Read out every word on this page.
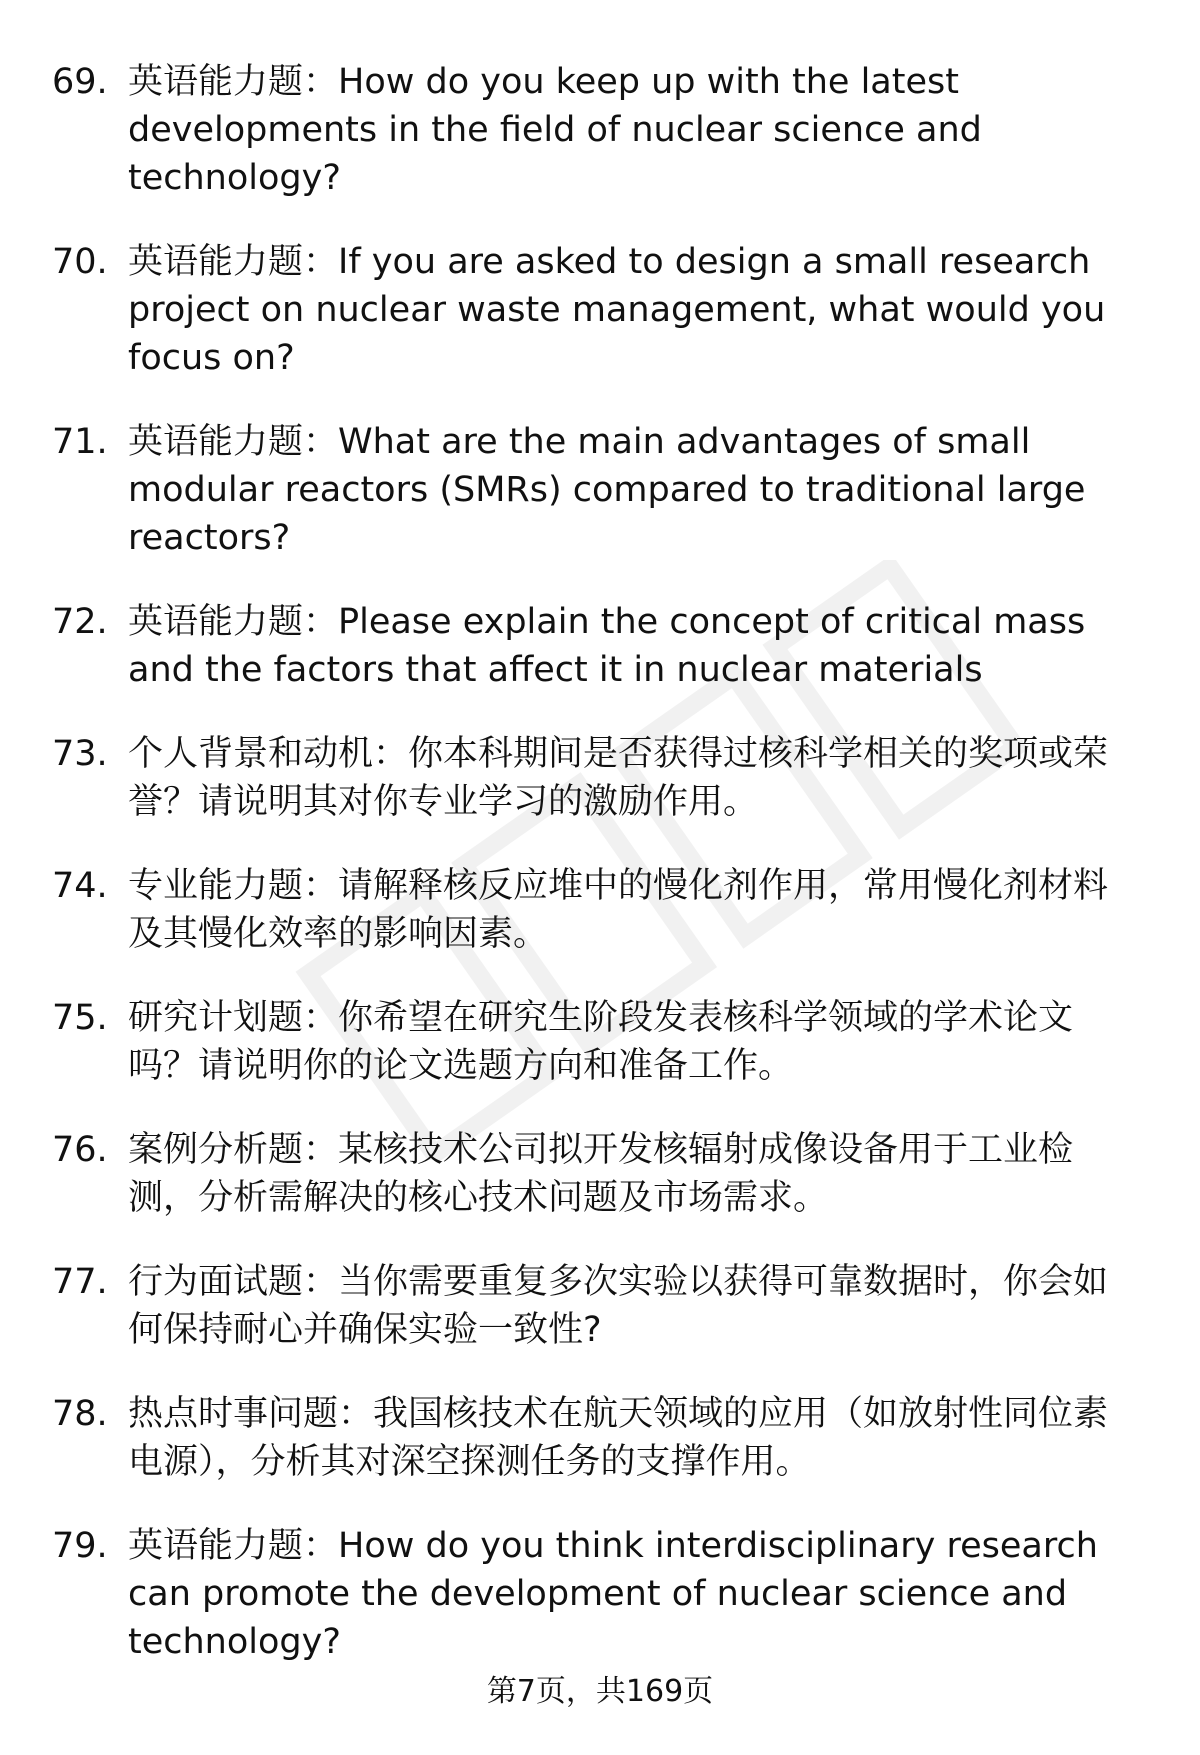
69. 英语能力题：How do you keep up with the latest developments in the field of nuclear science and technology?
70. 英语能力题：If you are asked to design a small research project on nuclear waste management, what would you focus on?
71. 英语能力题：What are the main advantages of small modular reactors (SMRs) compared to traditional large reactors?
72. 英语能力题：Please explain the concept of critical mass and the factors that affect it in nuclear materials
73. 个人背景和动机：你本科期间是否获得过核科学相关的奖项或荣誉？请说明其对你专业学习的激励作用。
74. 专业能力题：请解释核反应堆中的慢化剂作用，常用慢化剂材料及其慢化效率的影响因素。
75. 研究计划题：你希望在研究生阶段发表核科学领域的学术论文吗？请说明你的论文选题方向和准备工作。
76. 案例分析题：某核技术公司拟开发核辐射成像设备用于工业检测，分析需解决的核心技术问题及市场需求。
77. 行为面试题：当你需要重复多次实验以获得可靠数据时，你会如何保持耐心并确保实验一致性?
78. 热点时事问题：我国核技术在航天领域的应用（如放射性同位素电源），分析其对深空探测任务的支撑作用。
79. 英语能力题：How do you think interdisciplinary research can promote the development of nuclear science and technology?
第7页，共169页
